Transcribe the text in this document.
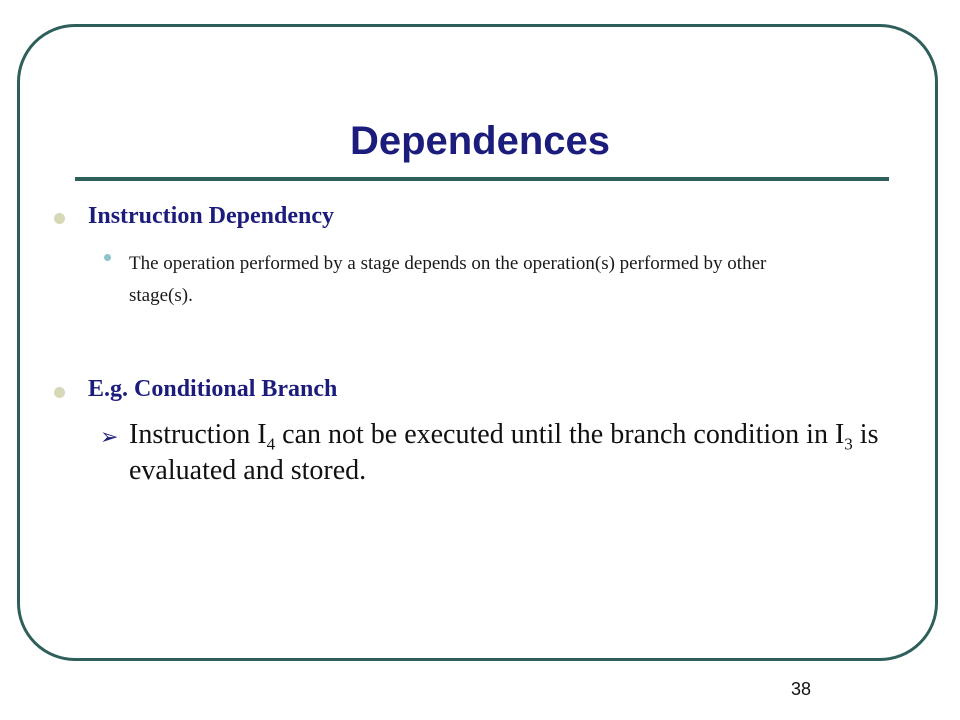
Dependences
Instruction Dependency
The operation performed by a stage depends on the operation(s) performed by other stage(s).
E.g. Conditional Branch
➢ Instruction $I_4$ can not be executed until the branch condition in $I_3$ is evaluated and stored.
38
